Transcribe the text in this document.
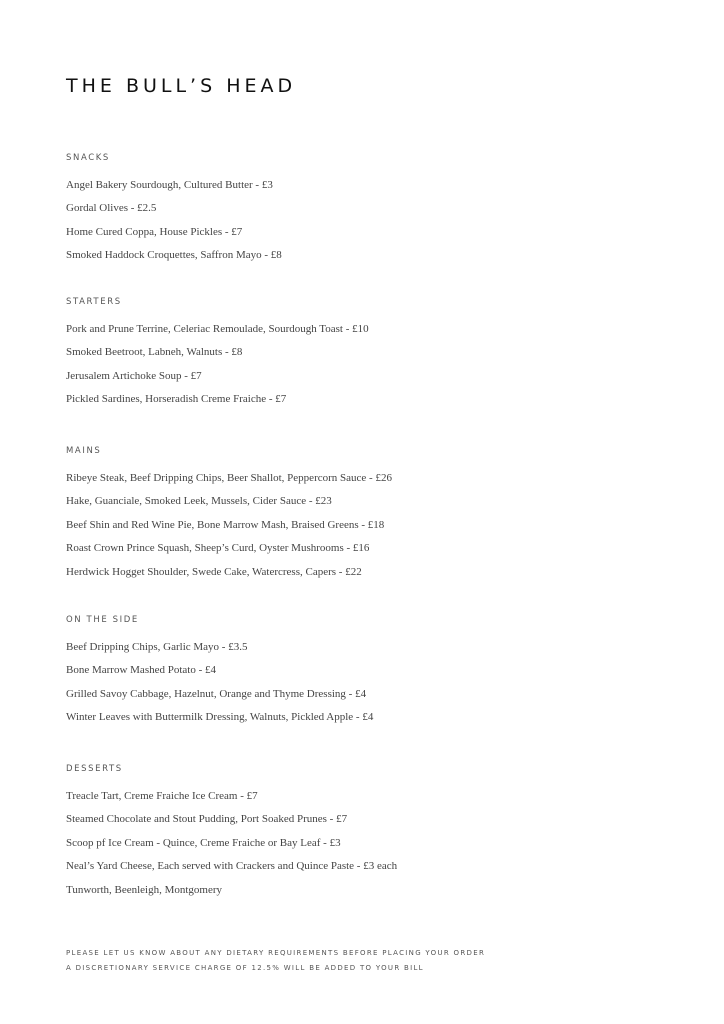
THE BULL’S HEAD
SNACKS
Angel Bakery Sourdough, Cultured Butter - £3
Gordal Olives - £2.5
Home Cured Coppa, House Pickles - £7
Smoked Haddock Croquettes, Saffron Mayo - £8
STARTERS
Pork and Prune Terrine, Celeriac Remoulade, Sourdough Toast - £10
Smoked Beetroot, Labneh, Walnuts - £8
Jerusalem Artichoke Soup - £7
Pickled Sardines, Horseradish Creme Fraiche - £7
MAINS
Ribeye Steak, Beef Dripping Chips, Beer Shallot, Peppercorn Sauce - £26
Hake, Guanciale, Smoked Leek, Mussels, Cider Sauce - £23
Beef Shin and Red Wine Pie, Bone Marrow Mash, Braised Greens - £18
Roast Crown Prince Squash, Sheep’s Curd, Oyster Mushrooms - £16
Herdwick Hogget Shoulder, Swede Cake, Watercress, Capers - £22
ON THE SIDE
Beef Dripping Chips, Garlic Mayo - £3.5
Bone Marrow Mashed Potato - £4
Grilled Savoy Cabbage, Hazelnut, Orange and Thyme Dressing - £4
Winter Leaves with Buttermilk Dressing, Walnuts, Pickled Apple - £4
DESSERTS
Treacle Tart, Creme Fraiche Ice Cream - £7
Steamed Chocolate and Stout Pudding, Port Soaked Prunes - £7
Scoop pf Ice Cream - Quince, Creme Fraiche or Bay Leaf - £3
Neal’s Yard Cheese, Each served with Crackers and Quince Paste - £3 each
Tunworth, Beenleigh, Montgomery
PLEASE LET US KNOW ABOUT ANY DIETARY REQUIREMENTS BEFORE PLACING YOUR ORDER
A DISCRETIONARY SERVICE CHARGE OF 12.5% WILL BE ADDED TO YOUR BILL
